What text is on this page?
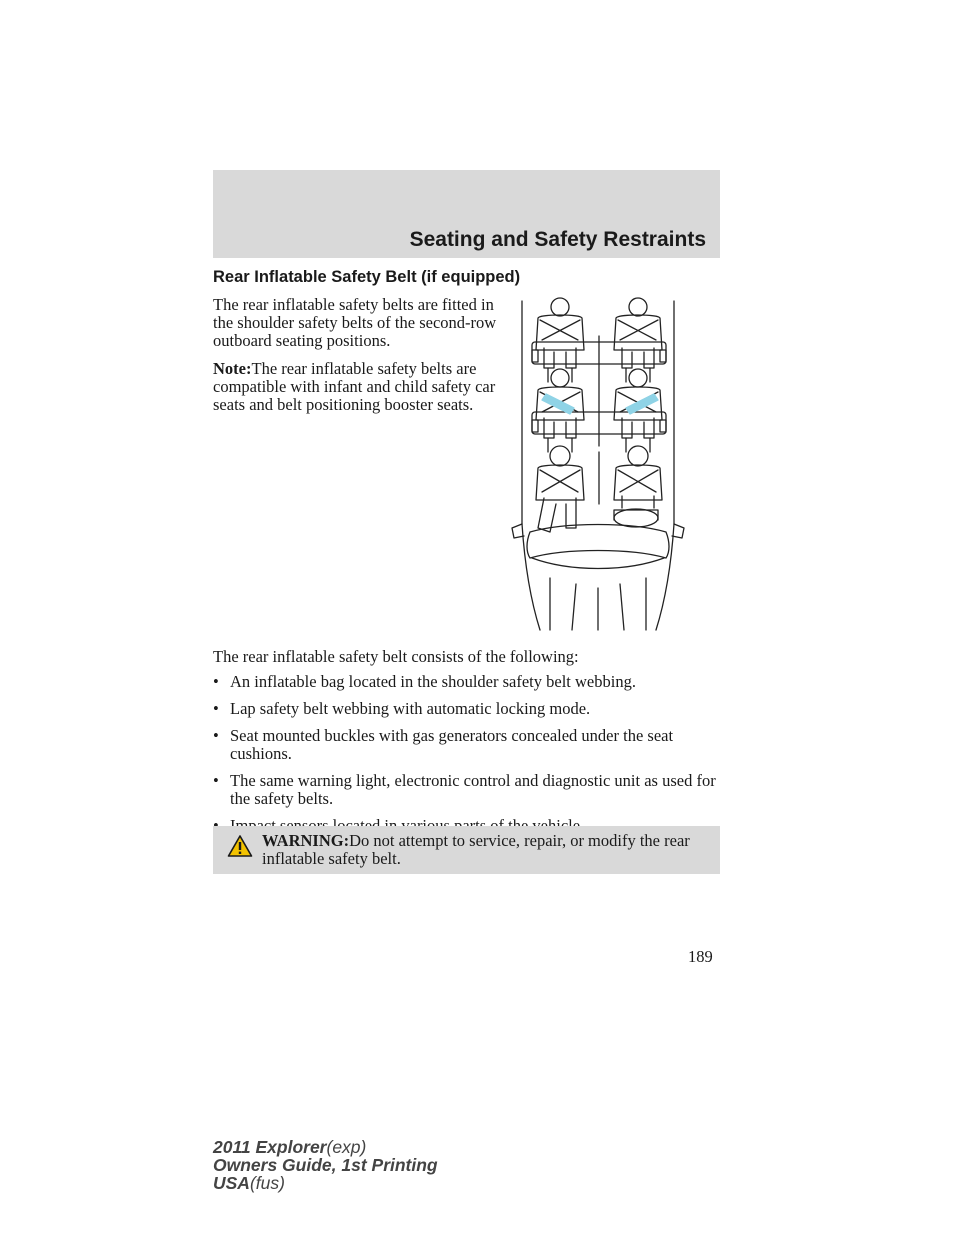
Seating and Safety Restraints
Rear Inflatable Safety Belt (if equipped)

The rear inflatable safety belts are fitted in the shoulder safety belts of the second-row outboard seating positions.

Note:The rear inflatable safety belts are compatible with infant and child safety car seats and belt positioning booster seats.

The rear inflatable safety belt consists of the following:
• An inflatable bag located in the shoulder safety belt webbing.
• Lap safety belt webbing with automatic locking mode.
• Seat mounted buckles with gas generators concealed under the seat cushions.
• The same warning light, electronic control and diagnostic unit as used for the safety belts.
WARNING:Do not attempt to service, repair, or modify the rear inflatable safety belt.
189
2011 Explorer(exp)
Owners Guide, 1st Printing
USA(fus)
